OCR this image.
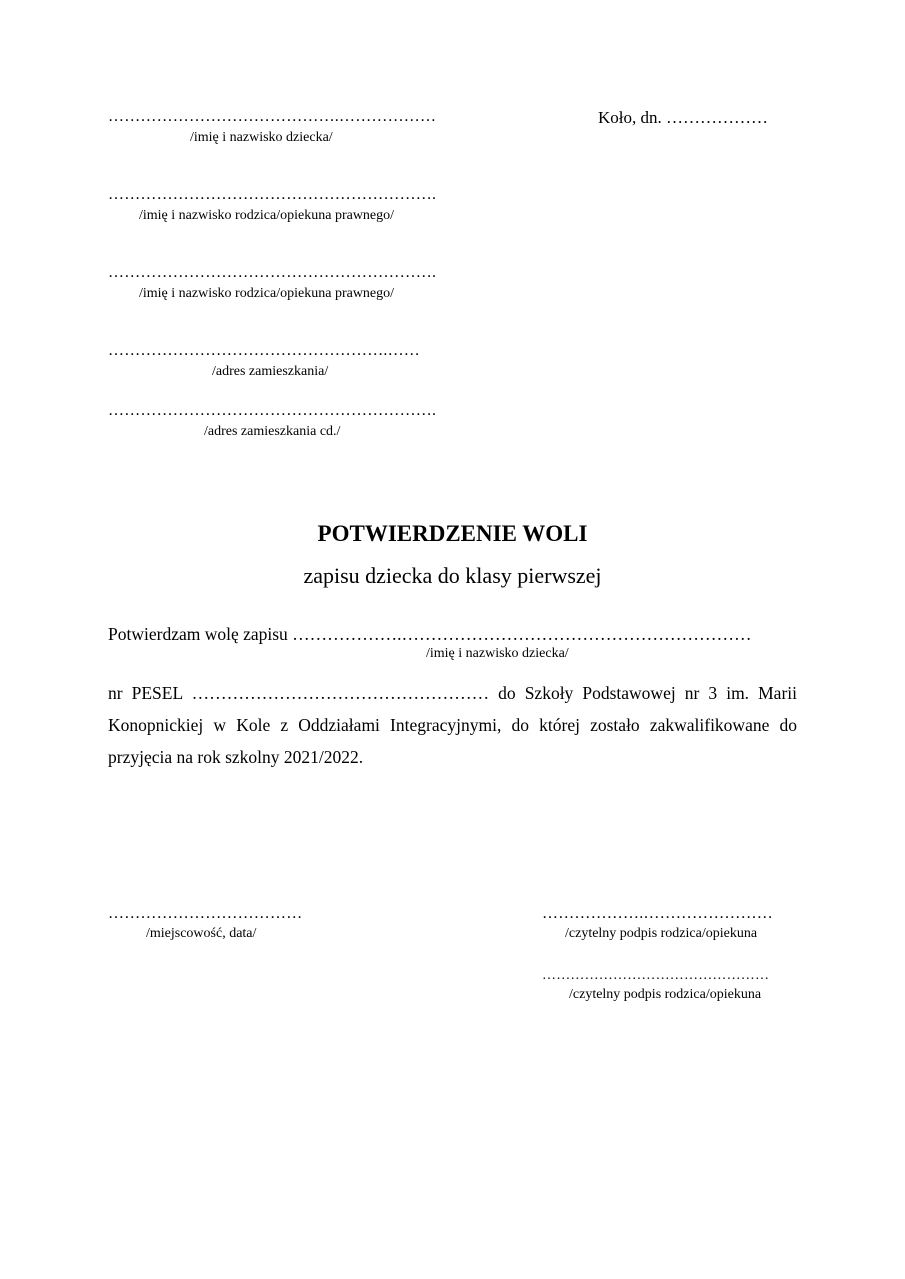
…………………………………….………………
/imię i nazwisko dziecka/
Koło, dn. ………………
…………………………………………………….
/imię i nazwisko rodzica/opiekuna prawnego/
…………………………………………………….
/imię i nazwisko rodzica/opiekuna prawnego/
…………………………………………….……
/adres zamieszkania/
…………………………………………………….
/adres zamieszkania cd./
POTWIERDZENIE WOLI
zapisu dziecka do klasy pierwszej
Potwierdzam wolę zapisu ……………….……………………………………………………
/imię i nazwisko dziecka/
nr PESEL …………………………………………… do Szkoły Podstawowej nr 3 im. Marii
Konopnickiej w Kole z Oddziałami Integracyjnymi, do której zostało zakwalifikowane do
przyjęcia na rok szkolny 2021/2022.
………………………………
/miejscowość, data/
……………….……………………
/czytelny podpis rodzica/opiekuna
…………………………………………
/czytelny podpis rodzica/opiekuna
